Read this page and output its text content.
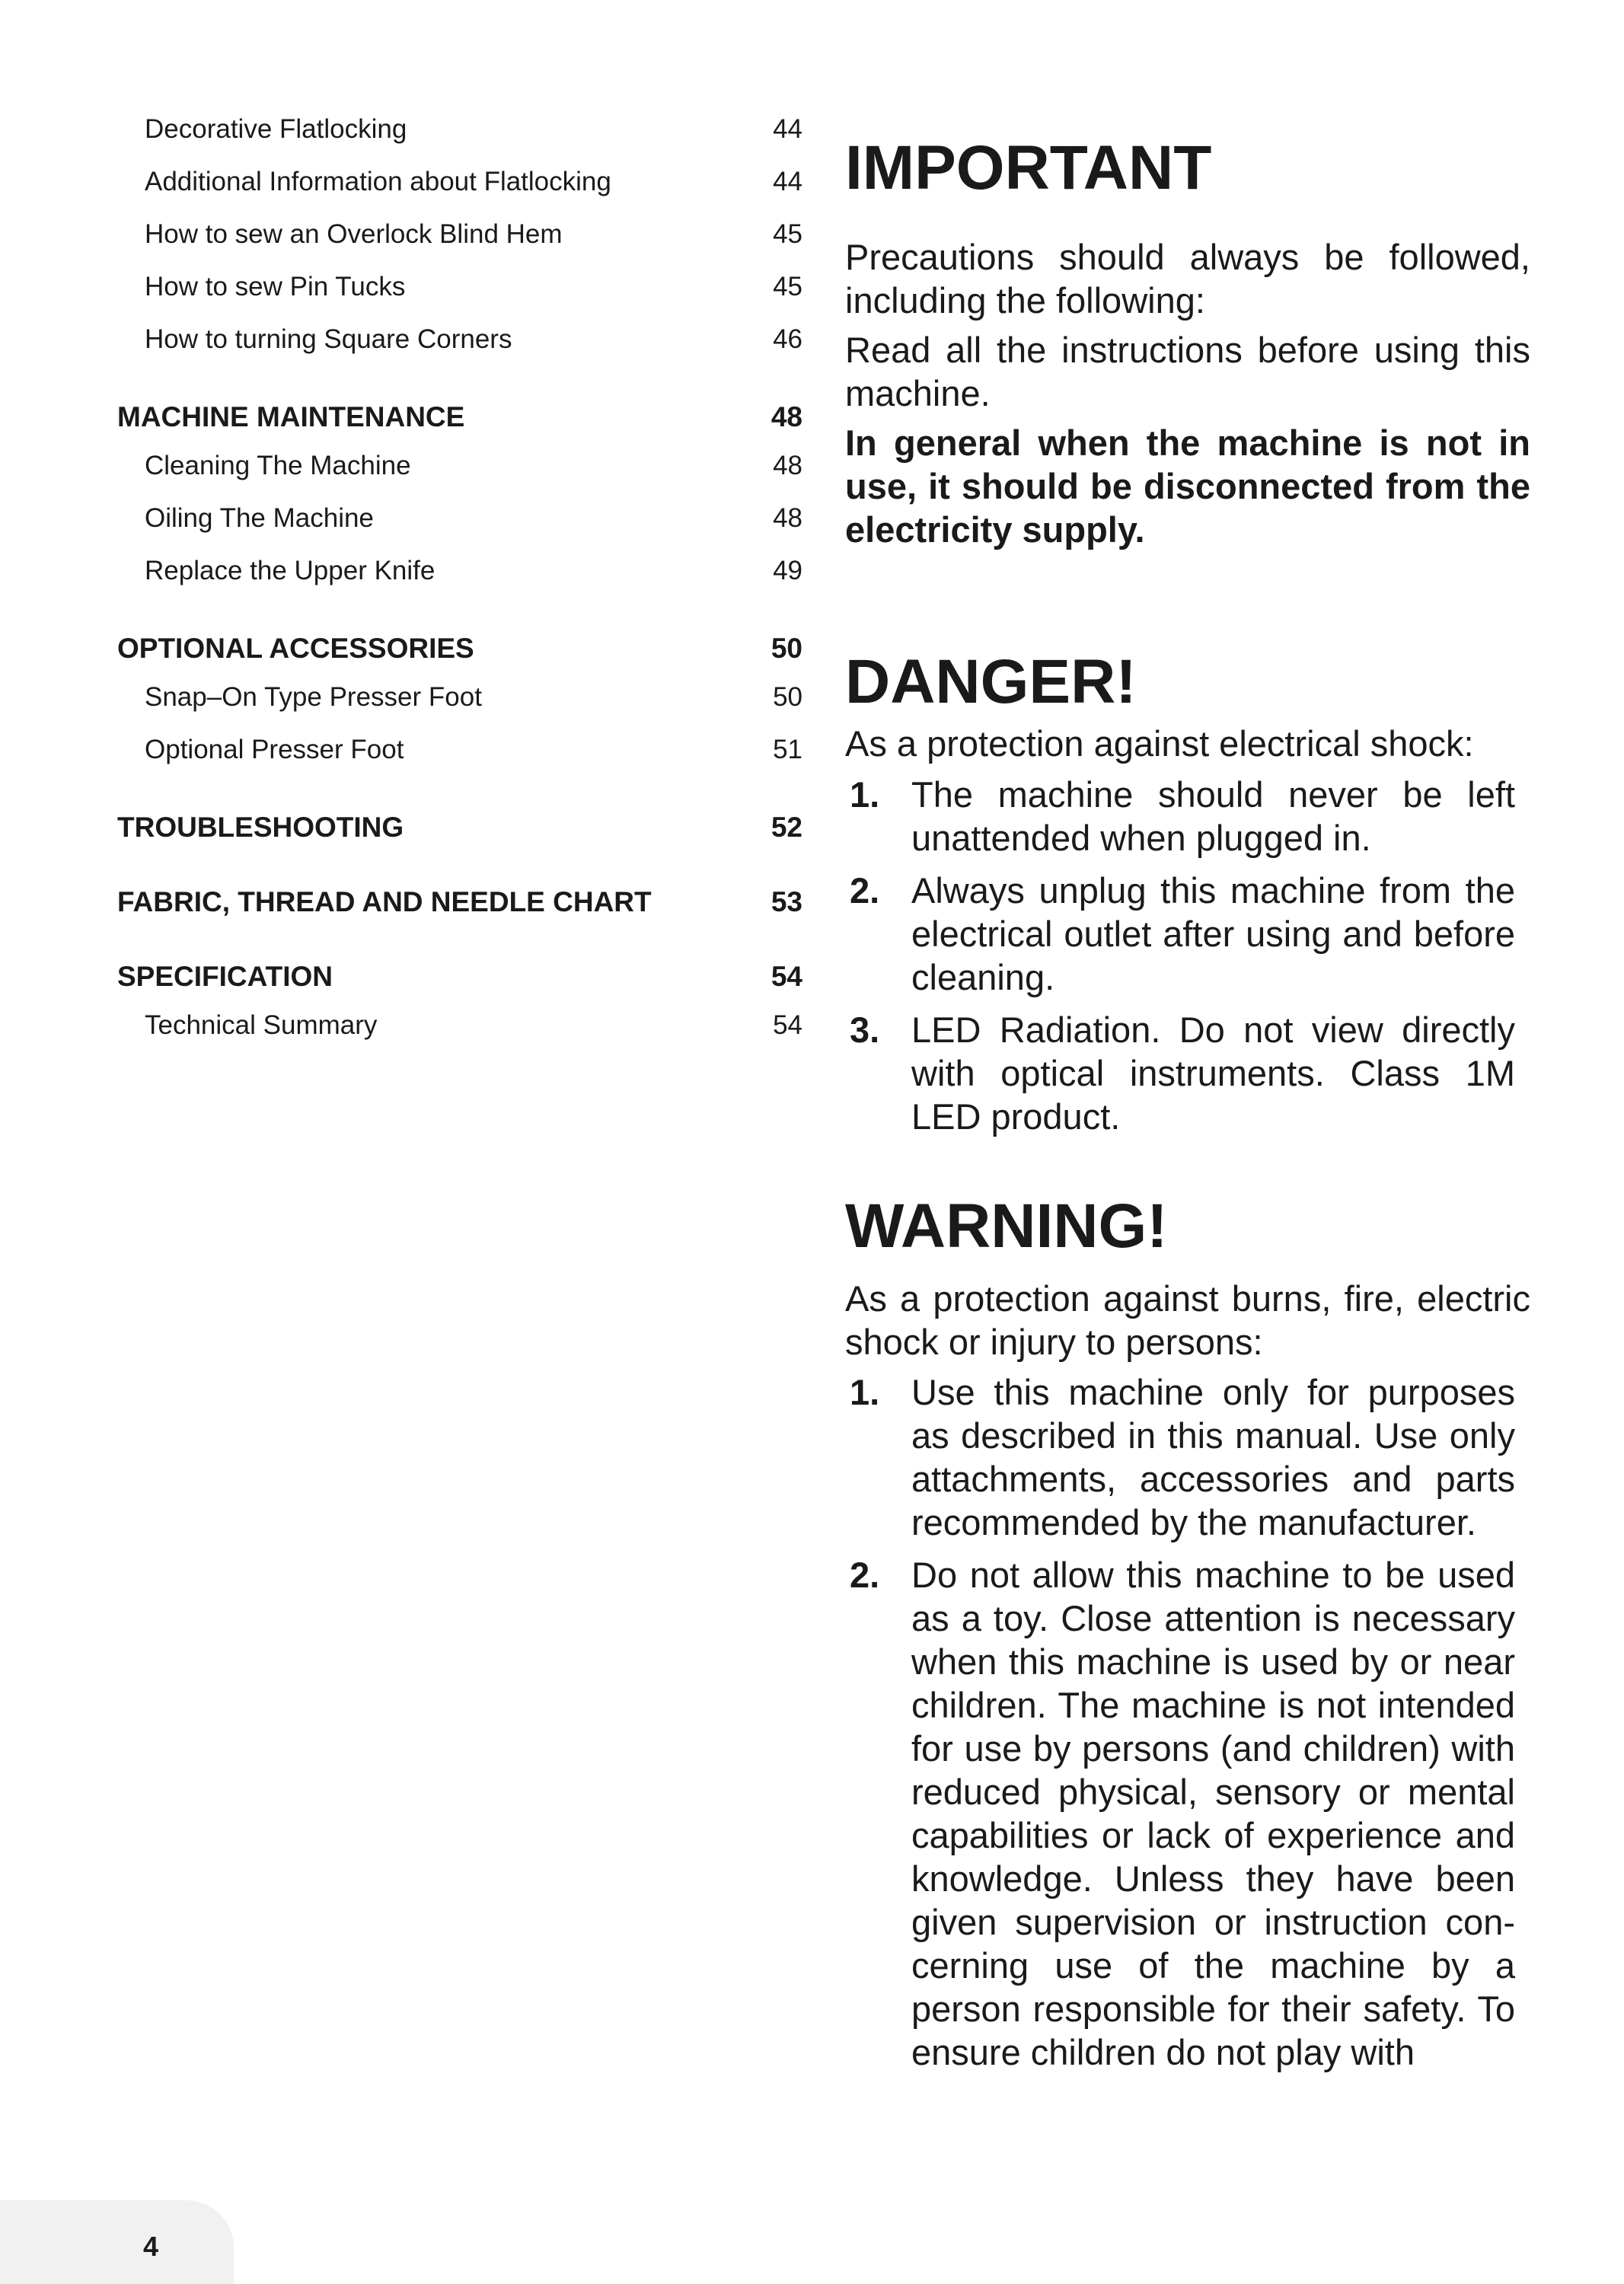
Decorative Flatlocking	44
Additional Information about Flatlocking	44
How to sew an Overlock Blind Hem	45
How to sew Pin Tucks	45
How to turning Square Corners	46
MACHINE MAINTENANCE	48
Cleaning The Machine	48
Oiling The Machine	48
Replace the Upper Knife	49
OPTIONAL ACCESSORIES	50
Snap–On Type Presser Foot	50
Optional Presser Foot	51
TROUBLESHOOTING	52
FABRIC, THREAD AND NEEDLE CHART	53
SPECIFICATION	54
Technical Summary	54
IMPORTANT

Precautions should always be followed, including the following:

Read all the instructions before using this machine.

In general when the machine is not in use, it should be disconnected from the electricity supply.

DANGER!

As a protection against electrical shock:

1. The machine should never be left unattended when plugged in.
2. Always unplug this machine from the electrical outlet after using and before cleaning.
3. LED Radiation. Do not view directly with optical instruments. Class 1M LED product.
WARNING!

As a protection against burns, fire, electric shock or injury to persons:

1. Use this machine only for purposes as described in this manual. Use only attachments, accessories and parts recommended by the manufacturer.
2. Do not allow this machine to be used as a toy. Close attention is necessary when this machine is used by or near children. The machine is not intended for use by persons (and children) with reduced physical, sensory or mental capabilities or lack of experience and knowledge. Unless they have been given supervision or instruction concerning use of the machine by a person responsible for their safety. To ensure children do not play with
4
